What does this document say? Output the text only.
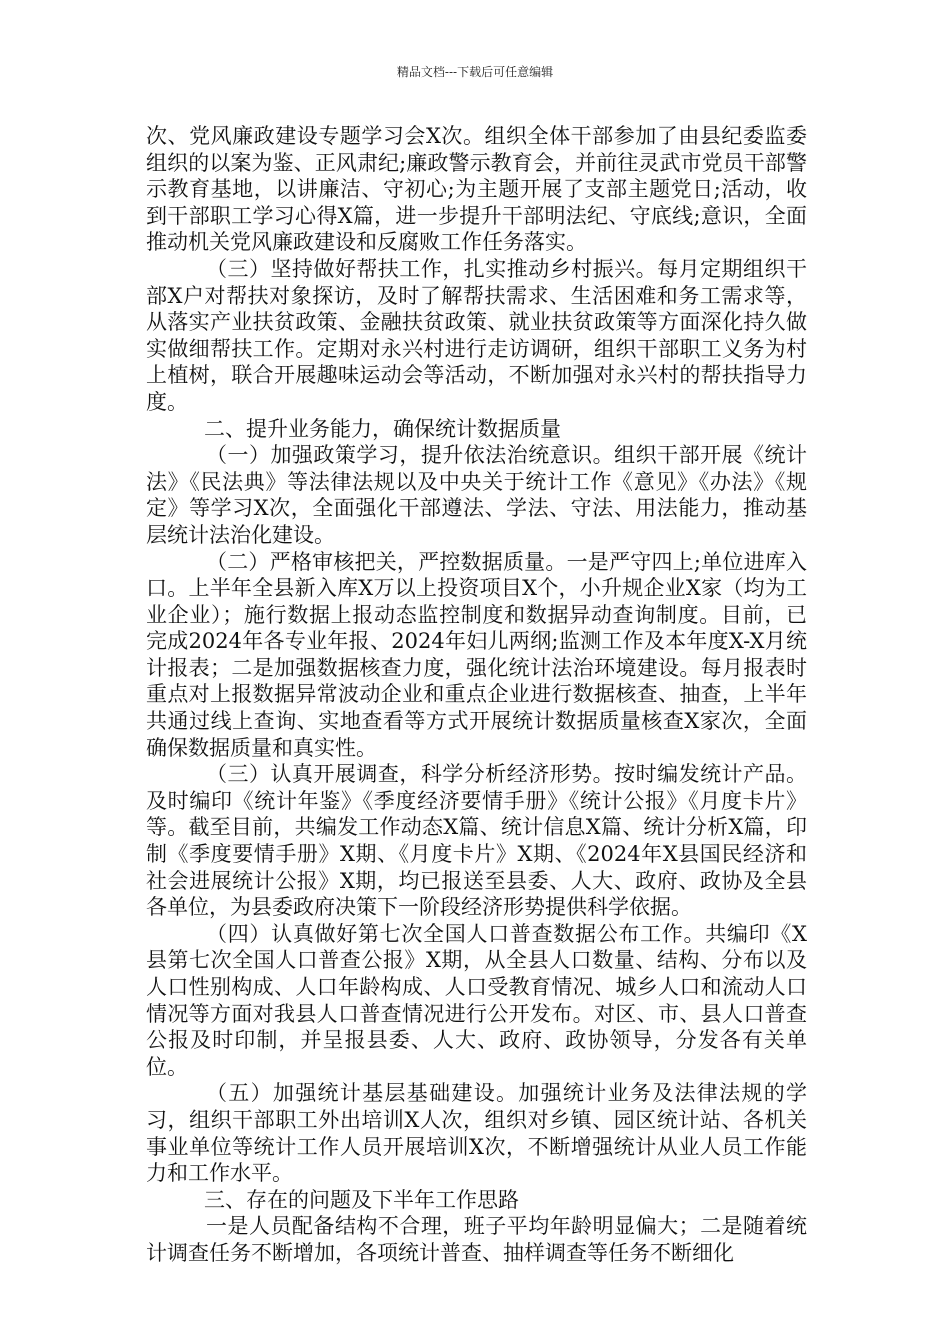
精品文档---下载后可任意编辑

次、党风廉政建设专题学习会X次。组织全体干部参加了由县纪委监委组织的以案为鉴、正风肃纪;廉政警示教育会，并前往灵武市党员干部警示教育基地，以讲廉洁、守初心;为主题开展了支部主题党日;活动，收到干部职工学习心得X篇，进一步提升干部明法纪、守底线;意识，全面推动机关党风廉政建设和反腐败工作任务落实。

（三）坚持做好帮扶工作，扎实推动乡村振兴。每月定期组织干部X户对帮扶对象探访，及时了解帮扶需求、生活困难和务工需求等，从落实产业扶贫政策、金融扶贫政策、就业扶贫政策等方面深化持久做实做细帮扶工作。定期对永兴村进行走访调研，组织干部职工义务为村上植树，联合开展趣味运动会等活动，不断加强对永兴村的帮扶指导力度。

二、提升业务能力，确保统计数据质量

（一）加强政策学习，提升依法治统意识。组织干部开展《统计法》《民法典》等法律法规以及中央关于统计工作《意见》《办法》《规定》等学习X次，全面强化干部遵法、学法、守法、用法能力，推动基层统计法治化建设。

（二）严格审核把关，严控数据质量。一是严守四上;单位进库入口。上半年全县新入库X万以上投资项目X个，小升规企业X家（均为工业企业）；施行数据上报动态监控制度和数据异动查询制度。目前，已完成2024年各专业年报、2024年妇儿两纲;监测工作及本年度X-X月统计报表；二是加强数据核查力度，强化统计法治环境建设。每月报表时重点对上报数据异常波动企业和重点企业进行数据核查、抽查，上半年共通过线上查询、实地查看等方式开展统计数据质量核查X家次，全面确保数据质量和真实性。

（三）认真开展调查，科学分析经济形势。按时编发统计产品。及时编印《统计年鉴》《季度经济要情手册》《统计公报》《月度卡片》等。截至目前，共编发工作动态X篇、统计信息X篇、统计分析X篇，印制《季度要情手册》X期、《月度卡片》X期、《2024年X县国民经济和社会进展统计公报》X期，均已报送至县委、人大、政府、政协及全县各单位，为县委政府决策下一阶段经济形势提供科学依据。

（四）认真做好第七次全国人口普查数据公布工作。共编印《X县第七次全国人口普查公报》X期，从全县人口数量、结构、分布以及人口性别构成、人口年龄构成、人口受教育情况、城乡人口和流动人口情况等方面对我县人口普查情况进行公开发布。对区、市、县人口普查公报及时印制，并呈报县委、人大、政府、政协领导，分发各有关单位。

（五）加强统计基层基础建设。加强统计业务及法律法规的学习，组织干部职工外出培训X人次，组织对乡镇、园区统计站、各机关事业单位等统计工作人员开展培训X次，不断增强统计从业人员工作能力和工作水平。

三、存在的问题及下半年工作思路

一是人员配备结构不合理，班子平均年龄明显偏大；二是随着统计调查任务不断增加，各项统计普查、抽样调查等任务不断细化
